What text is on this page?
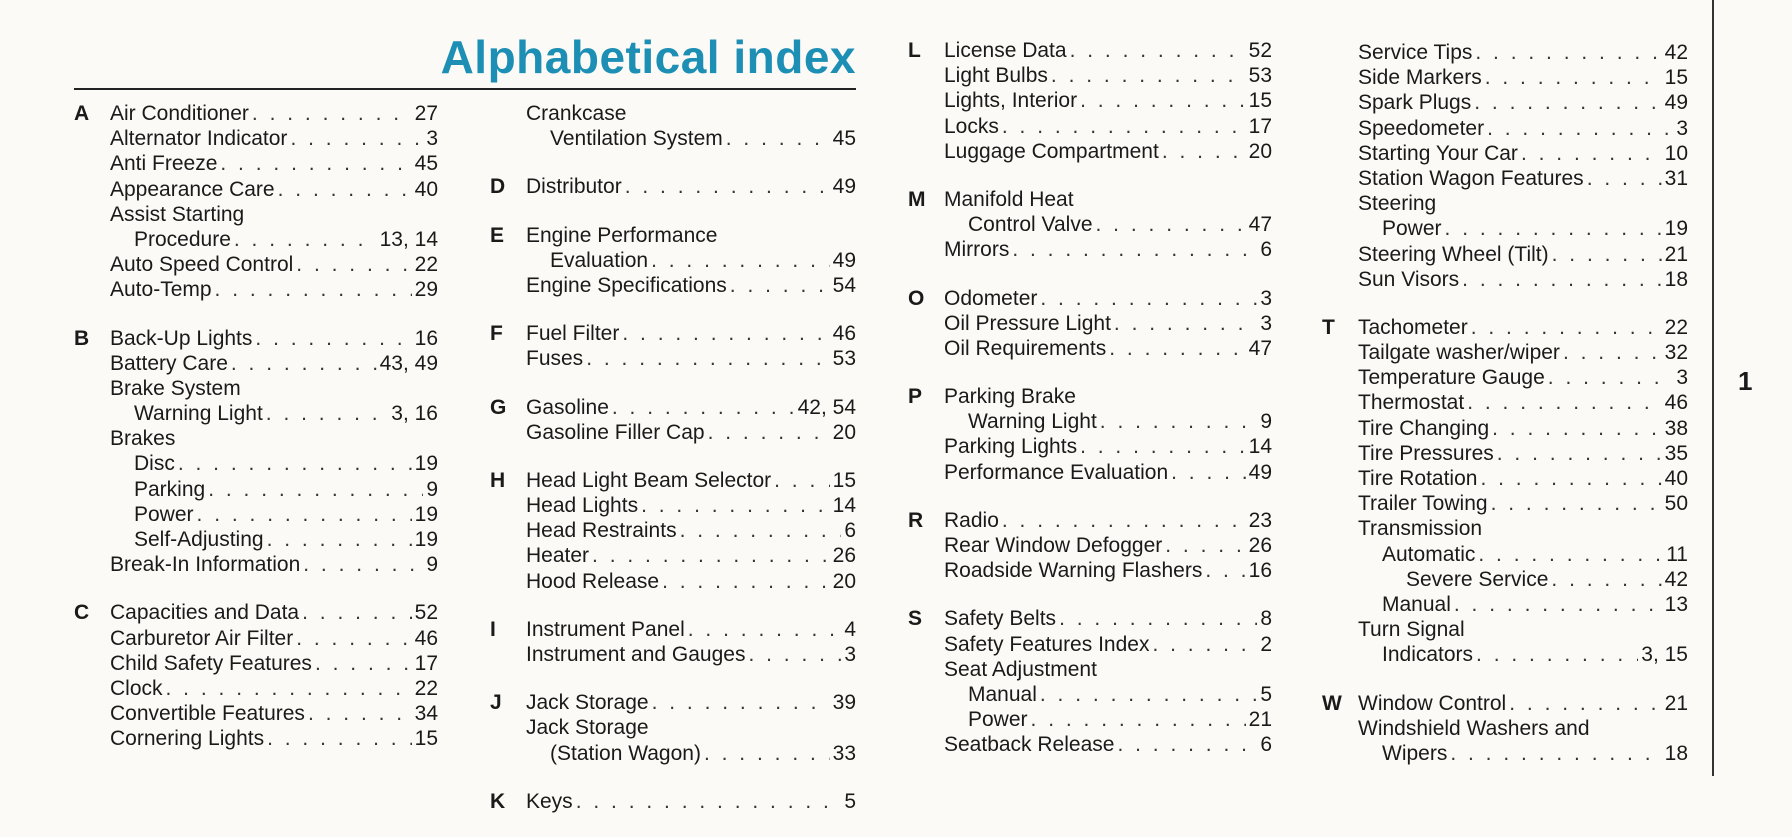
Alphabetical index
A Air Conditioner . . .	27
Alternator Indicator . . .	3
Anti Freeze . . .	45
Appearance Care . . .	40
Assist Starting
Procedure . . .	13, 14
Auto Speed Control . . .	22
Auto-Temp . . .	29
B Back-Up Lights . . .	16
Battery Care . . .	43, 49
Brake System
Warning Light . . .	3, 16
Brakes
Disc . . .	19
Parking . . .	9
Power . . .	19
Self-Adjusting . . .	19
Break-In Information . . .	9
C Capacities and Data . . .	52
Carburetor Air Filter . . .	46
Child Safety Features . . .	17
Clock . . .	22
Convertible Features . . .	34
Cornering Lights . . .	15
Crankcase
Ventilation System . . .	45
D Distributor . . .	49
E Engine Performance
Evaluation . . .	49
Engine Specifications . . .	54
F Fuel Filter . . .	46
Fuses . . .	53
G Gasoline . . .	42, 54
Gasoline Filler Cap . . .	20
H Head Light Beam Selector . . .	15
Head Lights . . .	14
Head Restraints . . .	6
Heater . . .	26
Hood Release . . .	20
I Instrument Panel . . .	4
Instrument and Gauges . . .	3
J Jack Storage . . .	39
Jack Storage
(Station Wagon) . . .	33
K Keys . . .	5
L License Data . . .	52
Light Bulbs . . .	53
Lights, Interior . . .	15
Locks . . .	17
Luggage Compartment . . .	20
M Manifold Heat
Control Valve . . .	47
Mirrors . . .	6
O Odometer . . .	3
Oil Pressure Light . . .	3
Oil Requirements . . .	47
P Parking Brake
Warning Light . . .	9
Parking Lights . . .	14
Performance Evaluation . . .	49
R Radio . . .	23
Rear Window Defogger . . .	26
Roadside Warning Flashers . . . 16
S Safety Belts . . .	8
Safety Features Index . . .	2
Seat Adjustment
Manual . . .	5
Power . . .	21
Seatback Release . . .	6
Service Tips . . .	42
Side Markers . . .	15
Spark Plugs . . .	49
Speedometer . . .	3
Starting Your Car . . .	10
Station Wagon Features . . .	31
Steering
Power . . .	19
Steering Wheel (Tilt) . . .	21
Sun Visors . . .	18
T Tachometer . . .	22
Tailgate washer/wiper . . .	32
Temperature Gauge . . .	3
Thermostat . . .	46
Tire Changing . . .	38
Tire Pressures . . .	35
Tire Rotation . . .	40
Trailer Towing . . .	50
Transmission
Automatic . . .	11
Severe Service . . .	42
Manual . . .	13
Turn Signal
Indicators . . .	3, 15
W Window Control . . .	21
Windshield Washers and
Wipers . . .	18
1
